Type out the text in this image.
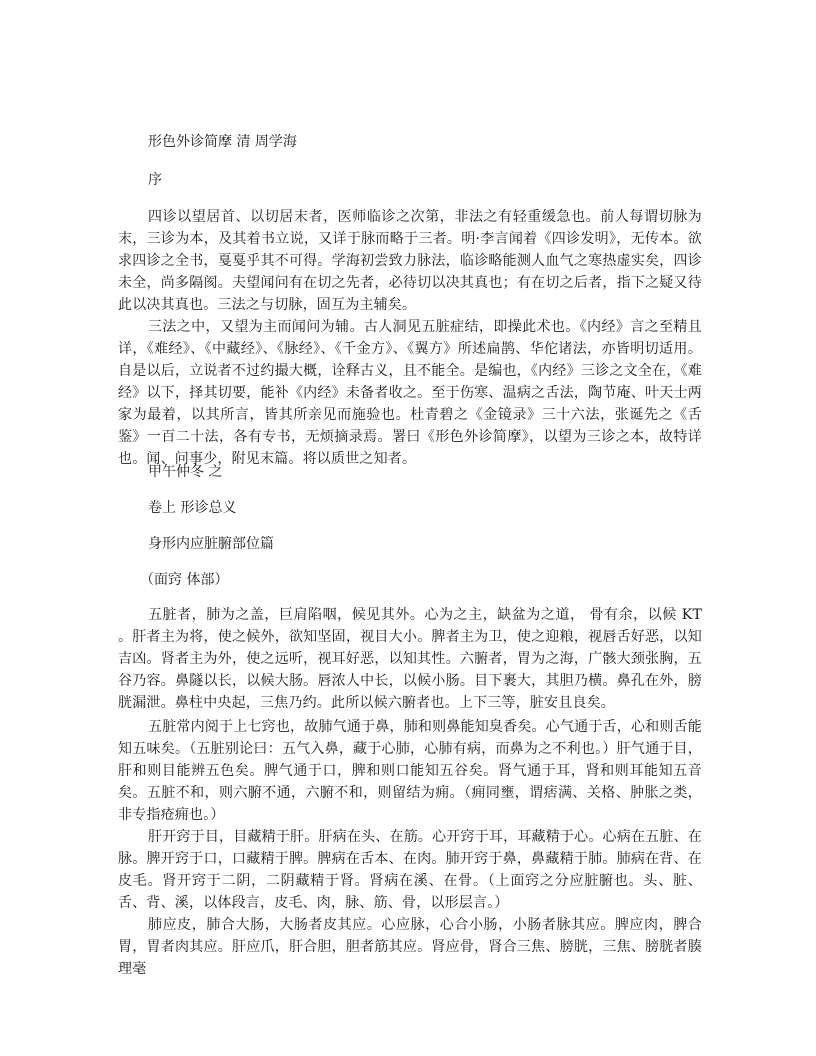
形色外诊简摩 清 周学海
序
四诊以望居首、以切居末者，医师临诊之次第，非法之有轻重缓急也。前人每谓切脉为末，三诊为本，及其着书立说，又详于脉而略于三者。明·李言闻着《四诊发明》，无传本。欲求四诊之全书，戛戛乎其不可得。学海初尝致力脉法，临诊略能测人血气之寒热虚实矣，四诊未全，尚多隔阂。夫望闻问有在切之先者，必待切以决其真也；有在切之后者，指下之疑又待此以决其真也。三法之与切脉，固互为主辅矣。
三法之中，又望为主而闻问为辅。古人洞见五脏症结，即操此术也。《内经》言之至精且详，《难经》、《中藏经》、《脉经》、《千金方》、《翼方》所述扁鹊、华佗诸法，亦皆明切适用。自是以后，立说者不过约撮大概，诠释古义，且不能全。是编也，《内经》三诊之文全在，《难经》以下，择其切要，能补《内经》未备者收之。至于伤寒、温病之舌法，陶节庵、叶天士两家为最着，以其所言，皆其所亲见而施验也。杜青碧之《金镜录》三十六法，张诞先之《舌鉴》一百二十法，各有专书，无烦摘录焉。署曰《形色外诊简摩》，以望为三诊之本，故特详也。闻、问事少，附见末篇。将以质世之知者。
甲午仲冬 之
卷上 形诊总义
身形内应脏腑部位篇
（面窍 体部）
五脏者，肺为之盖，巨肩陷咽，候见其外。心为之主，缺盆为之道， 骨有余，以候 KT 。肝者主为将，使之候外，欲知坚固，视目大小。脾者主为卫，使之迎粮，视唇舌好恶，以知吉凶。肾者主为外，使之远听，视耳好恶，以知其性。六腑者，胃为之海，广骸大颈张胸，五谷乃容。鼻隧以长，以候大肠。唇浓人中长，以候小肠。目下裹大，其胆乃横。鼻孔在外，膀胱漏泄。鼻柱中央起，三焦乃约。此所以候六腑者也。上下三等，脏安且良矣。
五脏常内阅于上七窍也，故肺气通于鼻，肺和则鼻能知臭香矣。心气通于舌，心和则舌能知五味矣。（五脏别论曰：五气入鼻，藏于心肺，心肺有病，而鼻为之不利也。）肝气通于目，肝和则目能辨五色矣。脾气通于口，脾和则口能知五谷矣。肾气通于耳，肾和则耳能知五音矣。五脏不和，则六腑不通，六腑不和，则留结为痈。（痈同壅，谓痞满、关格、肿胀之类，非专指疮痈也。）
肝开窍于目，目藏精于肝。肝病在头、在筋。心开窍于耳，耳藏精于心。心病在五脏、在脉。脾开窍于口，口藏精于脾。脾病在舌本、在肉。肺开窍于鼻，鼻藏精于肺。肺病在背、在皮毛。肾开窍于二阴，二阴藏精于肾。肾病在溪、在骨。（上面窍之分应脏腑也。头、脏、舌、背、溪，以体段言，皮毛、肉，脉、筋、骨，以形层言。）
肺应皮，肺合大肠，大肠者皮其应。心应脉，心合小肠，小肠者脉其应。脾应肉，脾合胃，胃者肉其应。肝应爪，肝合胆，胆者筋其应。肾应骨，肾合三焦、膀胱，三焦、膀胱者腠理毫
